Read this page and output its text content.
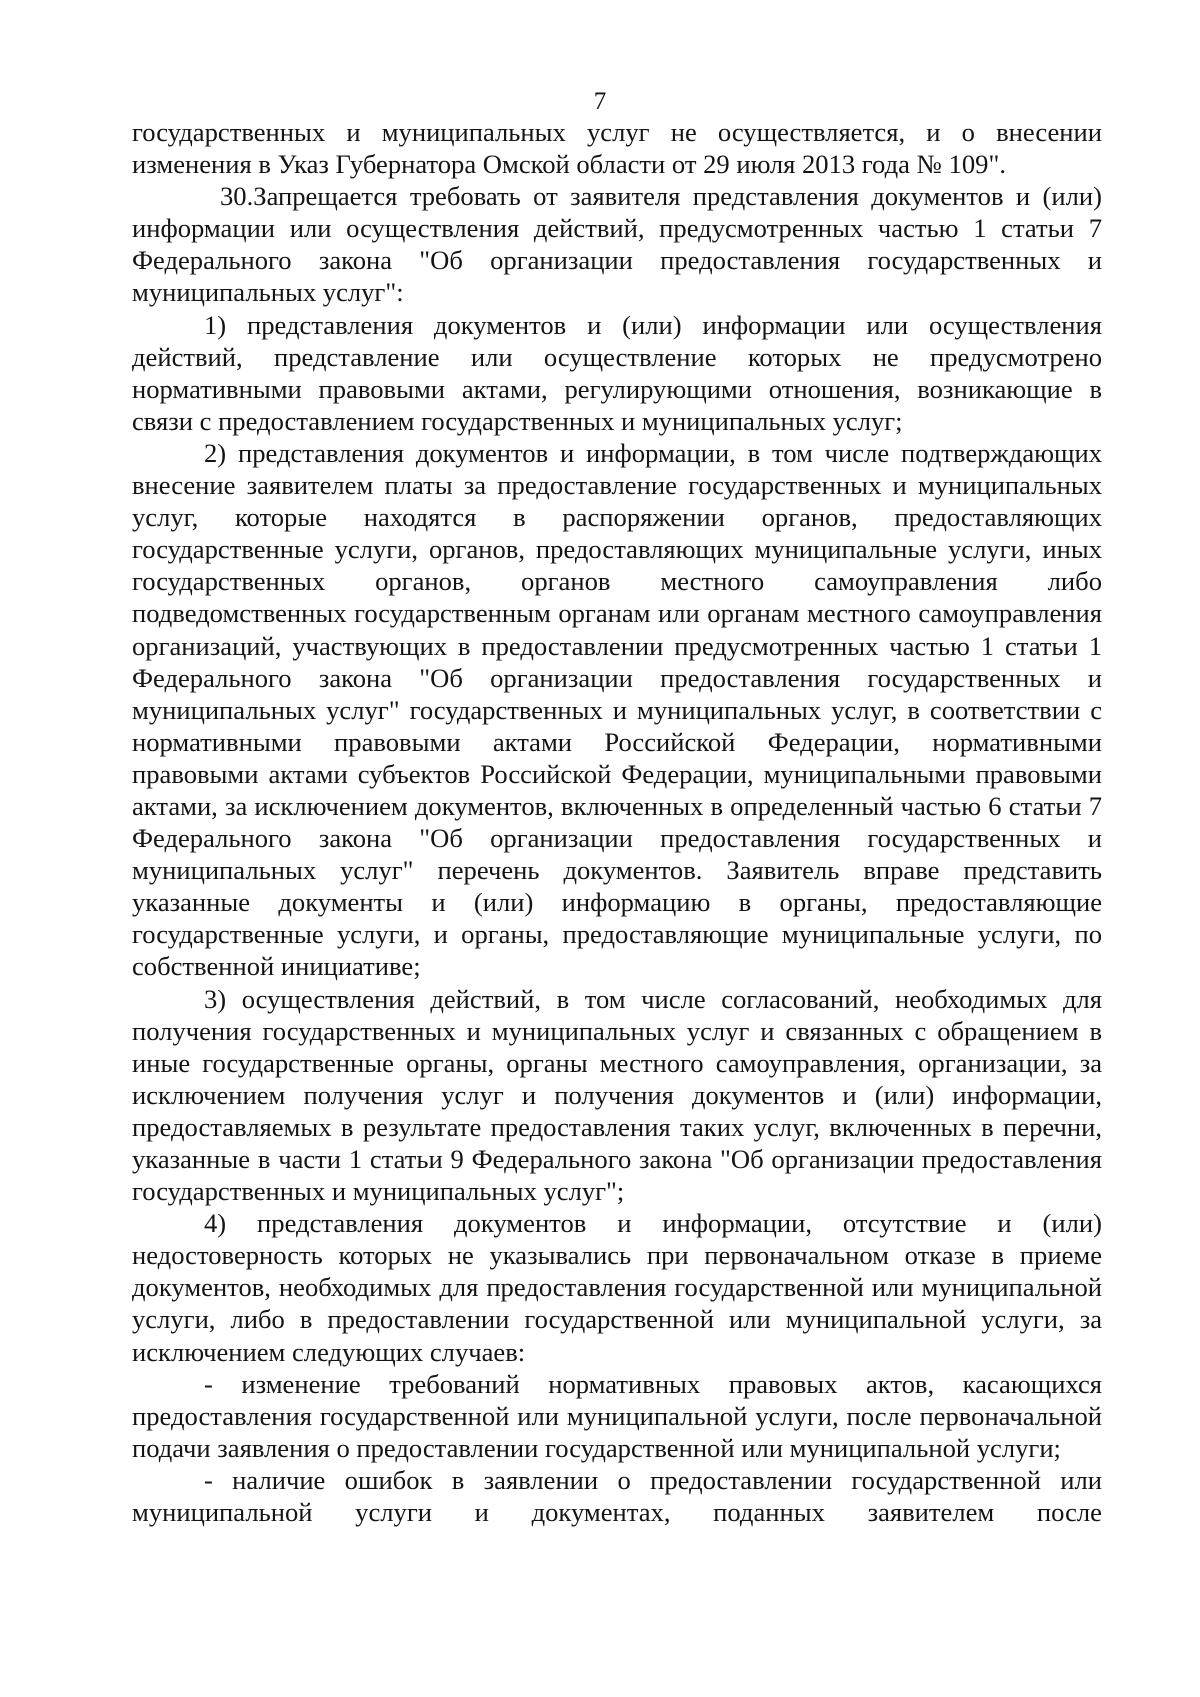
7

государственных и муниципальных услуг не осуществляется, и о внесении изменения в Указ Губернатора Омской области от 29 июля 2013 года № 109".

30.Запрещается требовать от заявителя представления документов и (или) информации или осуществления действий, предусмотренных частью 1 статьи 7 Федерального закона "Об организации предоставления государственных и муниципальных услуг":

1) представления документов и (или) информации или осуществления действий, представление или осуществление которых не предусмотрено нормативными правовыми актами, регулирующими отношения, возникающие в связи с предоставлением государственных и муниципальных услуг;

2) представления документов и информации, в том числе подтверждающих внесение заявителем платы за предоставление государственных и муниципальных услуг, которые находятся в распоряжении органов, предоставляющих государственные услуги, органов, предоставляющих муниципальные услуги, иных государственных органов, органов местного самоуправления либо подведомственных государственным органам или органам местного самоуправления организаций, участвующих в предоставлении предусмотренных частью 1 статьи 1 Федерального закона "Об организации предоставления государственных и муниципальных услуг" государственных и муниципальных услуг, в соответствии с нормативными правовыми актами Российской Федерации, нормативными правовыми актами субъектов Российской Федерации, муниципальными правовыми актами, за исключением документов, включенных в определенный частью 6 статьи 7 Федерального закона "Об организации предоставления государственных и муниципальных услуг" перечень документов. Заявитель вправе представить указанные документы и (или) информацию в органы, предоставляющие государственные услуги, и органы, предоставляющие муниципальные услуги, по собственной инициативе;

3) осуществления действий, в том числе согласований, необходимых для получения государственных и муниципальных услуг и связанных с обращением в иные государственные органы, органы местного самоуправления, организации, за исключением получения услуг и получения документов и (или) информации, предоставляемых в результате предоставления таких услуг, включенных в перечни, указанные в части 1 статьи 9 Федерального закона "Об организации предоставления государственных и муниципальных услуг";

4) представления документов и информации, отсутствие и (или) недостоверность которых не указывались при первоначальном отказе в приеме документов, необходимых для предоставления государственной или муниципальной услуги, либо в предоставлении государственной или муниципальной услуги, за исключением следующих случаев:

- изменение требований нормативных правовых актов, касающихся предоставления государственной или муниципальной услуги, после первоначальной подачи заявления о предоставлении государственной или муниципальной услуги;

- наличие ошибок в заявлении о предоставлении государственной или муниципальной услуги и документах, поданных заявителем после
